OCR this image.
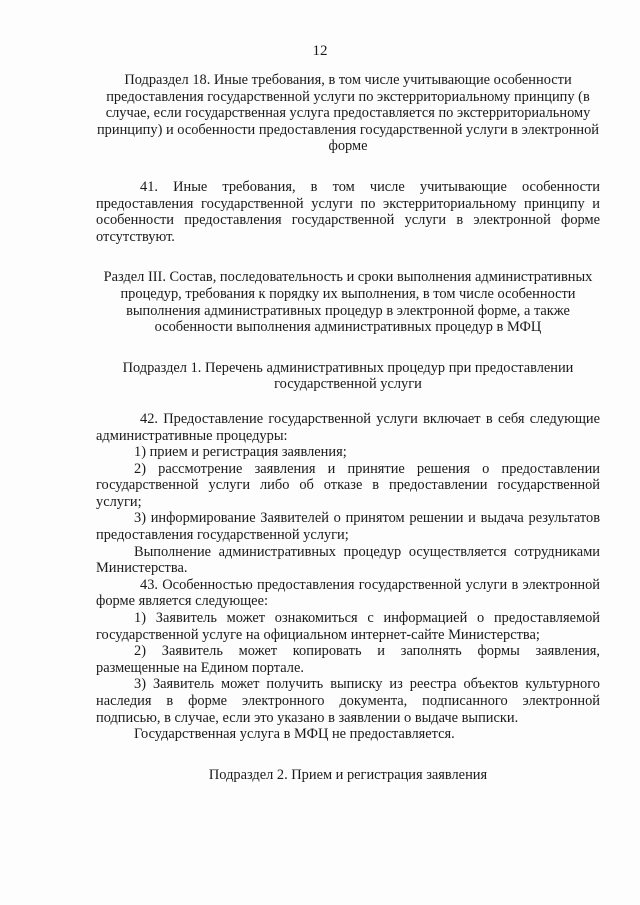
12

Подраздел 18. Иные требования, в том числе учитывающие особенности предоставления государственной услуги по экстерриториальному принципу (в случае, если государственная услуга предоставляется по экстерриториальному принципу) и особенности предоставления государственной услуги в электронной форме

41. Иные требования, в том числе учитывающие особенности предоставления государственной услуги по экстерриториальному принципу и особенности предоставления государственной услуги в электронной форме отсутствуют.

Раздел III. Состав, последовательность и сроки выполнения административных процедур, требования к порядку их выполнения, в том числе особенности выполнения административных процедур в электронной форме, а также особенности выполнения административных процедур в МФЦ

Подраздел 1. Перечень административных процедур при предоставлении государственной услуги

42. Предоставление государственной услуги включает в себя следующие административные процедуры:

1) прием и регистрация заявления;

2) рассмотрение заявления и принятие решения о предоставлении государственной услуги либо об отказе в предоставлении государственной услуги;

3) информирование Заявителей о принятом решении и выдача результатов предоставления государственной услуги;

Выполнение административных процедур осуществляется сотрудниками Министерства.

43. Особенностью предоставления государственной услуги в электронной форме является следующее:

1) Заявитель может ознакомиться с информацией о предоставляемой государственной услуге на официальном интернет-сайте Министерства;

2) Заявитель может копировать и заполнять формы заявления, размещенные на Едином портале.

3) Заявитель может получить выписку из реестра объектов культурного наследия в форме электронного документа, подписанного электронной подписью, в случае, если это указано в заявлении о выдаче выписки.

Государственная услуга в МФЦ не предоставляется.

Подраздел 2. Прием и регистрация заявления
